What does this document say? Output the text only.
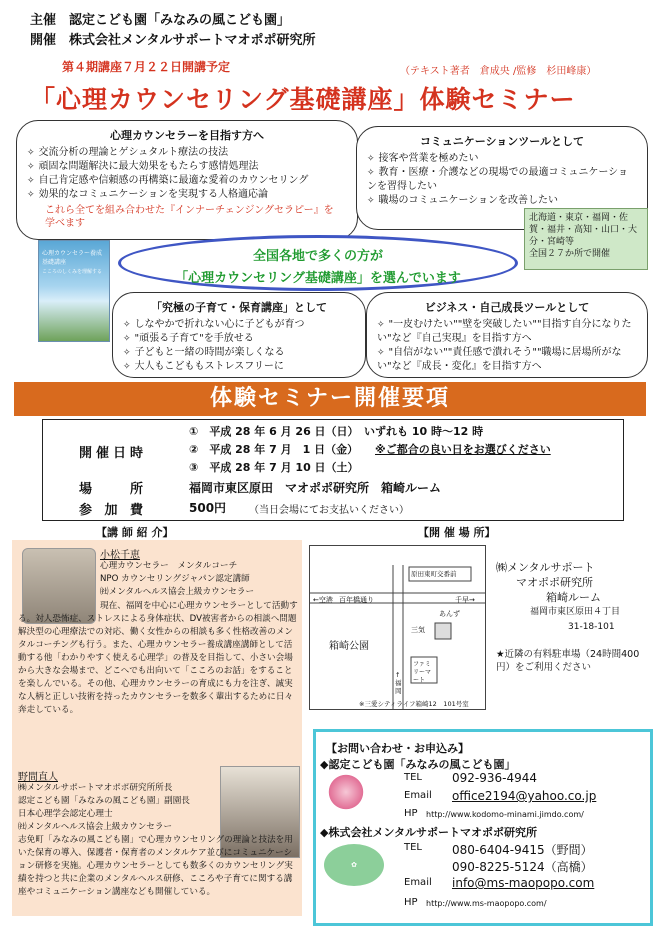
主催　認定こども園「みなみの風こども園」
開催　株式会社メンタルサポートマオポポ研究所
第４期講座７月２２日開講予定	（テキスト著者　倉成央 /監修　杉田峰康）
「心理カウンセリング基礎講座」体験セミナー
心理カウンセラーを目指す方へ
✧ 交流分析の理論とゲシュタルト療法の技法
✧ 頑固な問題解決に最大効果をもたらす感情処理法
✧ 自己肯定感や信頼感の再構築に最適な愛着のカウンセリング
✧ 効果的なコミュニケーションを実現する人格適応論
これら全てを組み合わせた『インナーチェンジングセラピー』を学べます
コミュニケーションツールとして
✧ 接客や営業を極めたい
✧ 教育・医療・介護などの現場での最適コミュニケーションを習得したい
✧ 職場のコミュニケーションを改善したい
北海道・東京・福岡・佐賀・福井・高知・山口・大分・宮崎等
全国２７か所で開催
心理カウンセラー養成基礎講座
こころのしくみを理解する
全国各地で多くの方が
「心理カウンセリング基礎講座」を選んでいます
「究極の子育て・保育講座」として
✧ しなやかで折れない心に子どもが育つ
✧ "頑張る子育て"を手放せる
✧ 子どもと一緒の時間が楽しくなる
✧ 大人もこどももストレスフリーに
ビジネス・自己成長ツールとして
✧ "一皮むけたい""壁を突破したい""目指す自分になりたい"など『自己実現』を目指す方へ
✧ "自信がない""責任感で潰れそう""職場に居場所がない"など『成長・変化』を目指す方へ
体験セミナー開催要項
開催日時
①　平成 28 年 6 月 26 日（日）　いずれも 10 時～12 時
②　平成 28 年 7 月　1 日（金） ※ご都合の良い日をお選びください
③　平成 28 年 7 月 10 日（土）
場　　所	福岡市東区原田　マオポポ研究所　箱崎ルーム
参 加 費	500円 （当日会場にてお支払いください）
【講 師 紹 介】	【開 催 場 所】
小松千恵
心理カウンセラー　メンタルコーチ
NPO カウンセリングジャパン認定講師
㈳メンタルヘルス協会上級カウンセラー
現在、福岡を中心に心理カウンセラーとして活動する。対人恐怖症、ストレスによる身体症状、DV被害者からの相談へ問題解決型の心理療法での対応、働く女性からの相談も多く性格改善のメンタルコーチングも行う。また、心理カウンセラー養成講座講師として活動する他「わかりやすく使える心理学」の普及を目指して、小さい会場から大きな会場まで、どこへでも出向いて「こころのお話」をすることを楽しんでいる。その他、心理カウンセラーの育成にも力を注ぎ、誠実な人柄と正しい技術を持ったカウンセラーを数多く輩出するために日々奔走している。
野間直人
㈱メンタルサポートマオポポ研究所所長
認定こども園「みなみの風こども園」副園長
日本心理学会認定心理士
㈳メンタルヘルス協会上級カウンセラー
志免町「みなみの風こども園」で心理カウンセリングの理論と技法を用いた保育の導入、保護者・保育者のメンタルケア並びにコミュニケーション研修を実施。心理カウンセラーとしても数多くのカウンセリング実績を持つと共に企業のメンタルヘルス研修、こころや子育てに関する講座やコミュニケーション講座なども開催している。
原田東町交番前
←空港 百年橋通り	千早→
箱崎公園
あんず
三気
ファミリーマート
↑福岡
※三愛シティライフ箱崎12　101号室
㈱メンタルサポート
マオポポ研究所
箱崎ルーム
福岡市東区原田４丁目
31-18-101
★近隣の有料駐車場（24時間400円）をご利用ください
【お問い合わせ・お申込み】
◆認定こども園「みなみの風こども園」
TEL	092-936-4944
Email office2194@yahoo.co.jp
HP http://www.kodomo-minami.jimdo.com/
◆株式会社メンタルサポートマオポポ研究所
✿
TEL	080-6404-9415（野間）
090-8225-5124（高橋）
Email info@ms-maopopo.com
HP http://www.ms-maopopo.com/
